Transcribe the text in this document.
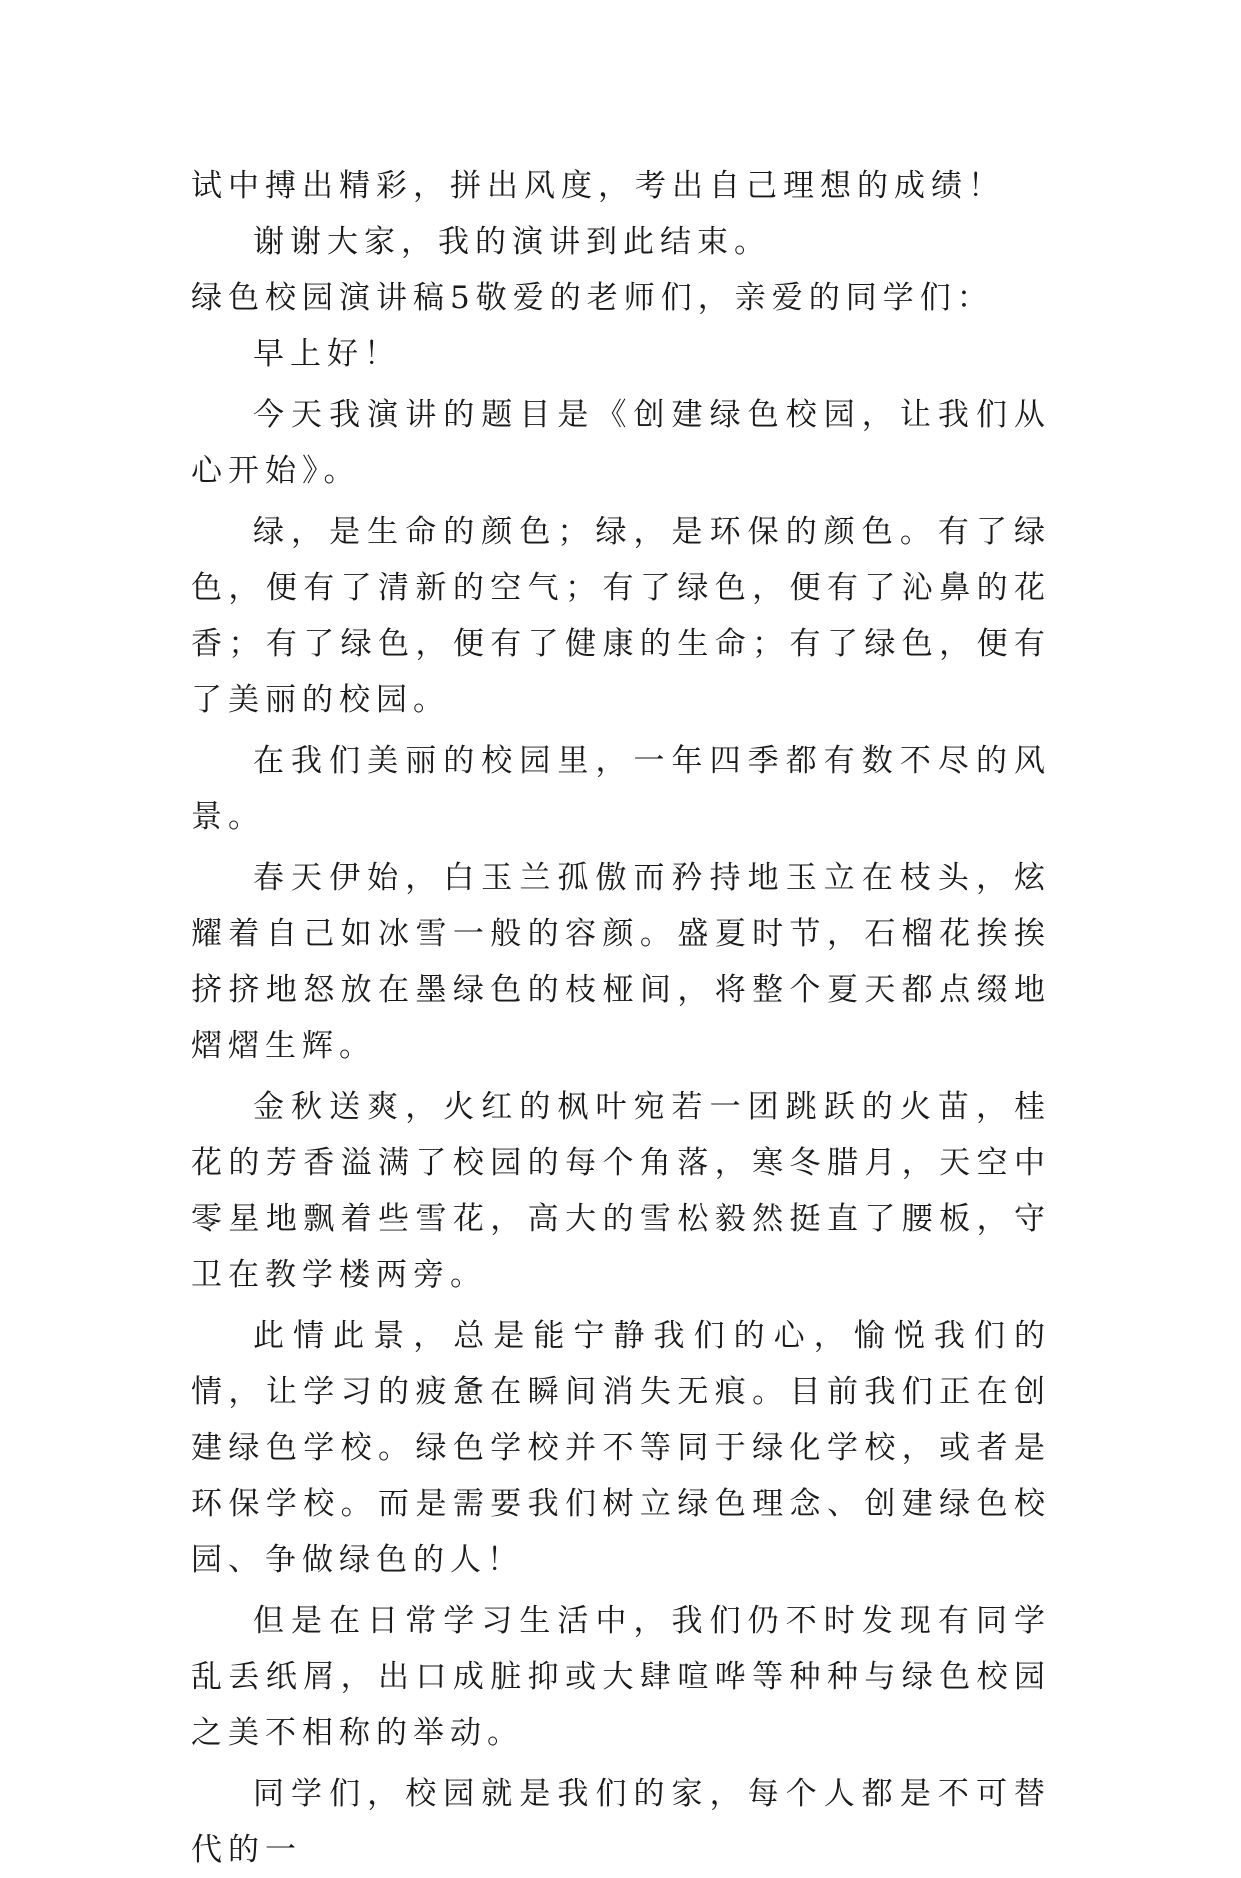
试中搏出精彩，拼出风度，考出自己理想的成绩！

谢谢大家，我的演讲到此结束。

绿色校园演讲稿5敬爱的老师们，亲爱的同学们：

早上好！

今天我演讲的题目是《创建绿色校园，让我们从心开始》。

绿，是生命的颜色；绿，是环保的颜色。有了绿色，便有了清新的空气；有了绿色，便有了沁鼻的花香；有了绿色，便有了健康的生命；有了绿色，便有了美丽的校园。

在我们美丽的校园里，一年四季都有数不尽的风景。

春天伊始，白玉兰孤傲而矜持地玉立在枝头，炫耀着自己如冰雪一般的容颜。盛夏时节，石榴花挨挨挤挤地怒放在墨绿色的枝桠间，将整个夏天都点缀地熠熠生辉。

金秋送爽，火红的枫叶宛若一团跳跃的火苗，桂花的芳香溢满了校园的每个角落，寒冬腊月，天空中零星地飘着些雪花，高大的雪松毅然挺直了腰板，守卫在教学楼两旁。

此情此景，总是能宁静我们的心，愉悦我们的情，让学习的疲惫在瞬间消失无痕。目前我们正在创建绿色学校。绿色学校并不等同于绿化学校，或者是环保学校。而是需要我们树立绿色理念、创建绿色校园、争做绿色的人！

但是在日常学习生活中，我们仍不时发现有同学乱丢纸屑，出口成脏抑或大肆喧哗等种种与绿色校园之美不相称的举动。

同学们，校园就是我们的家，每个人都是不可替代的一
